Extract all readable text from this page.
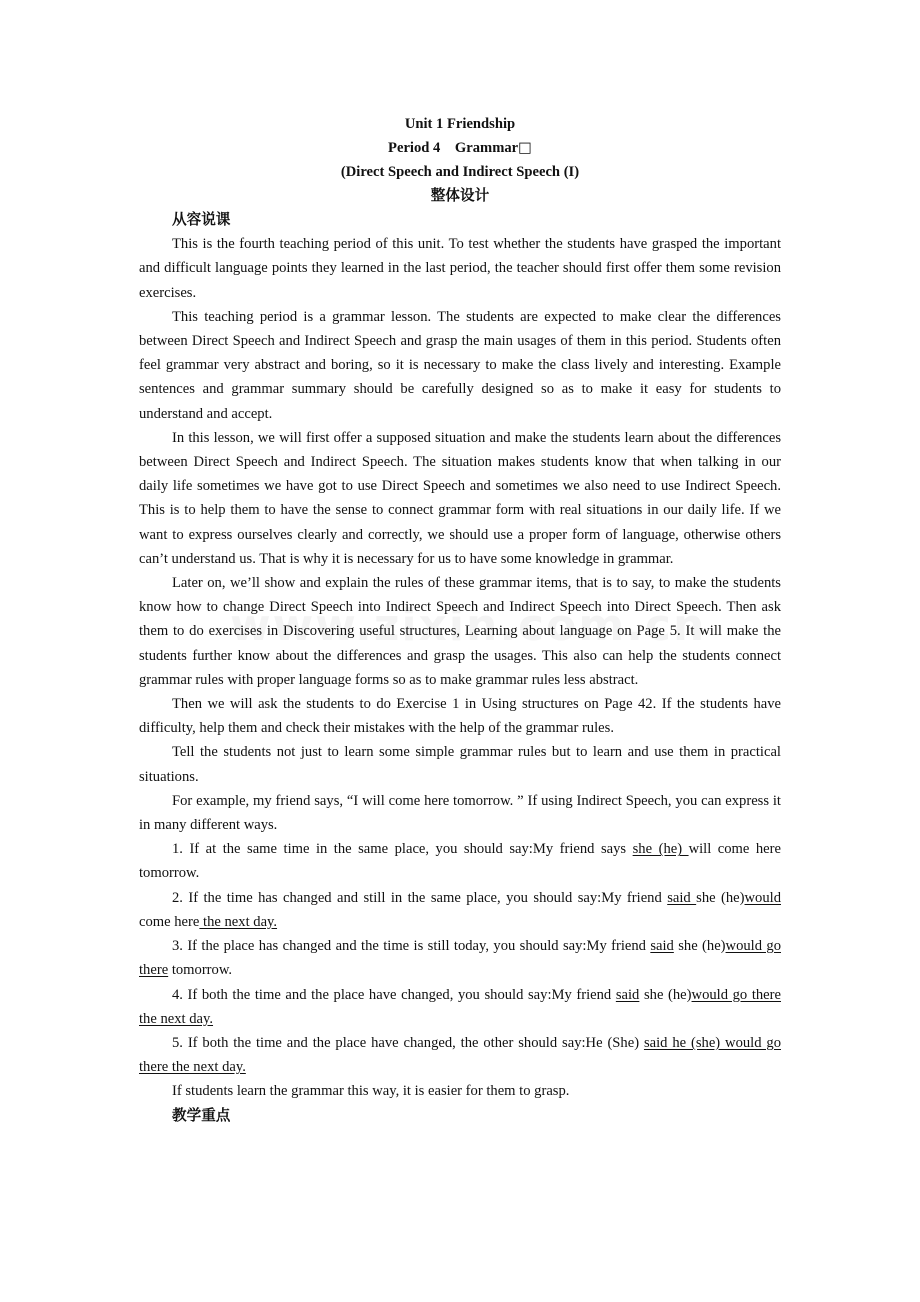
Unit 1 Friendship
Period 4    Grammar□
(Direct Speech and Indirect Speech (I)
整体设计
从容说课

This is the fourth teaching period of this unit. To test whether the students have grasped the important and difficult language points they learned in the last period, the teacher should first offer them some revision exercises.

This teaching period is a grammar lesson. The students are expected to make clear the differences between Direct Speech and Indirect Speech and grasp the main usages of them in this period. Students often feel grammar very abstract and boring, so it is necessary to make the class lively and interesting. Example sentences and grammar summary should be carefully designed so as to make it easy for students to understand and accept.

In this lesson, we will first offer a supposed situation and make the students learn about the differences between Direct Speech and Indirect Speech. The situation makes students know that when talking in our daily life sometimes we have got to use Direct Speech and sometimes we also need to use Indirect Speech. This is to help them to have the sense to connect grammar form with real situations in our daily life. If we want to express ourselves clearly and correctly, we should use a proper form of language, otherwise others can’t understand us. That is why it is necessary for us to have some knowledge in grammar.

Later on, we’ll show and explain the rules of these grammar items, that is to say, to make the students know how to change Direct Speech into Indirect Speech and Indirect Speech into Direct Speech. Then ask them to do exercises in Discovering useful structures, Learning about language on Page 5. It will make the students further know about the differences and grasp the usages. This also can help the students connect grammar rules with proper language forms so as to make grammar rules less abstract.

Then we will ask the students to do Exercise 1 in Using structures on Page 42. If the students have difficulty, help them and check their mistakes with the help of the grammar rules.

Tell the students not just to learn some simple grammar rules but to learn and use them in practical situations.

For example, my friend says, “I will come here tomorrow. ” If using Indirect Speech, you can express it in many different ways.

1. If at the same time in the same place, you should say:My friend says she (he) will come here tomorrow.

2. If the time has changed and still in the same place, you should say:My friend said she (he)would come here the next day.

3. If the place has changed and the time is still today, you should say:My friend said she (he)would go there tomorrow.

4. If both the time and the place have changed, you should say:My friend said she (he)would go there the next day.

5. If both the time and the place have changed, the other should say:He (She) said he (she) would go there the next day.

If students learn the grammar this way, it is easier for them to grasp.

教学重点
